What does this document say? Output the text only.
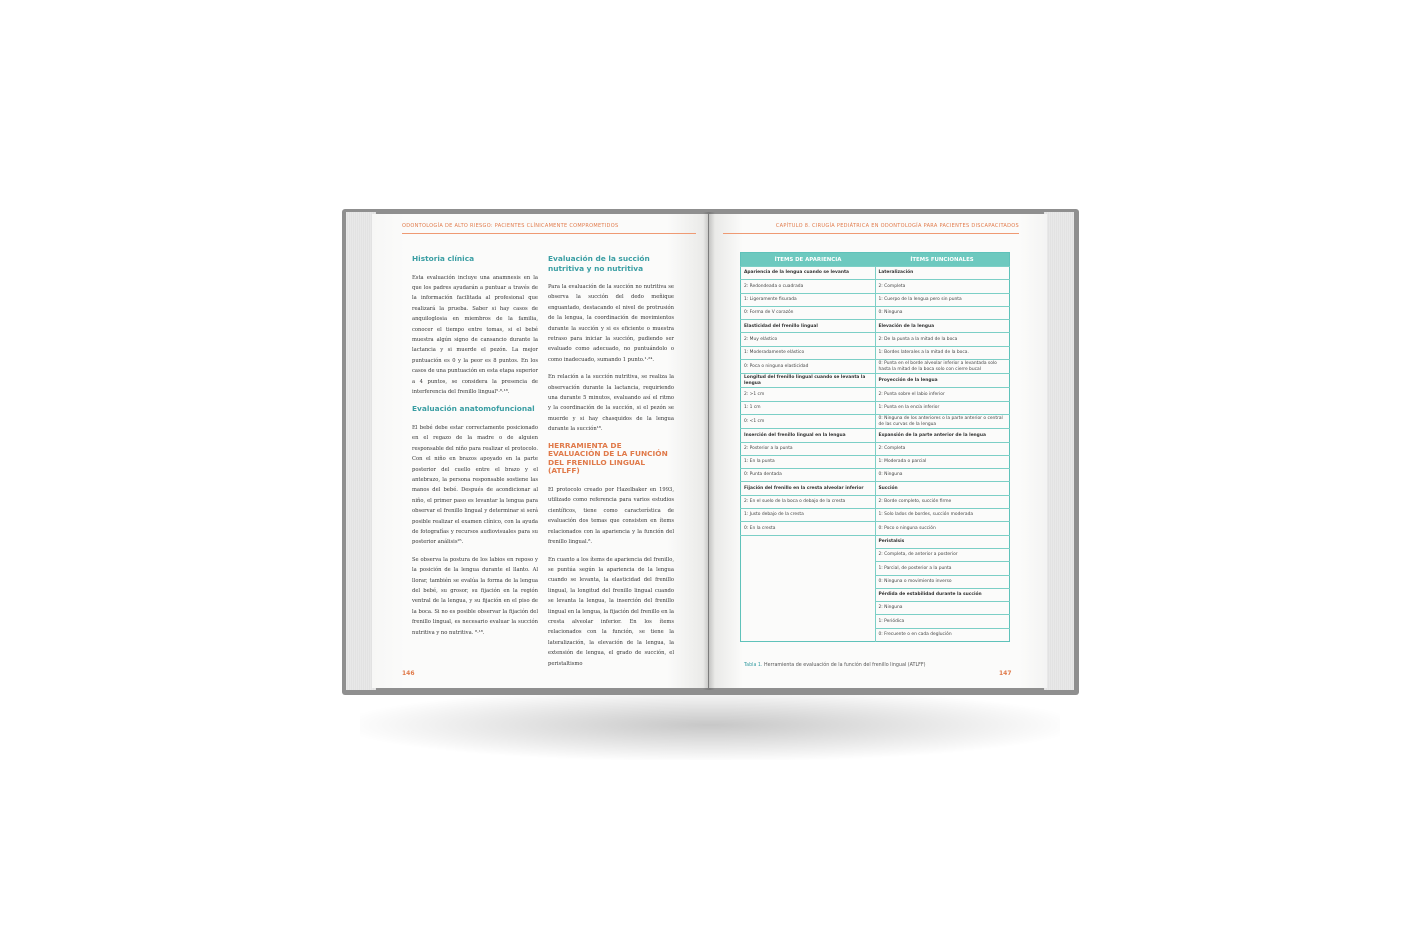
ODONTOLOGÍA DE ALTO RIESGO: PACIENTES CLÍNICAMENTE COMPROMETIDOS
Historia clínica

Esta evaluación incluye una anamnesis en la que los padres ayudarán a puntuar a través de la información facilitada al profesional que realizará la prueba. Saber si hay casos de anquiloglosia en miembros de la familia, conocer el tiempo entre tomas, si el bebé muestra algún signo de cansancio durante la lactancia y si muerde el pezón. La mejor puntuación es 0 y la peor es 8 puntos. En los casos de una puntuación en esta etapa superior a 4 puntos, se considera la presencia de interferencia del frenillo lingual⁵·⁸·¹⁸.

Evaluación anatomofuncional

El bebé debe estar correctamente posicionado en el regazo de la madre o de alguien responsable del niño para realizar el protocolo. Con el niño en brazos apoyado en la parte posterior del cuello entre el brazo y el antebrazo, la persona responsable sostiene las manos del bebé. Después de acondicionar al niño, el primer paso es levantar la lengua para observar el frenillo lingual y determinar si será posible realizar el examen clínico, con la ayuda de fotografías y recursos audiovisuales para su posterior análisis²⁵.

Se observa la postura de los labios en reposo y la posición de la lengua durante el llanto. Al llorar, también se evalúa la forma de la lengua del bebé, su grosor, su fijación en la región ventral de la lengua, y su fijación en el piso de la boca. Si no es posible observar la fijación del frenillo lingual, es necesario evaluar la succión nutritiva y no nutritiva. ⁸·¹⁸.

Evaluación de la succión nutritiva y no nutritiva

Para la evaluación de la succión no nutritiva se observa la succión del dedo meñique enguantado, destacando el nivel de protrusión de la lengua, la coordinación de movimientos durante la succión y si es eficiente o muestra retraso para iniciar la succión, pudiendo ser evaluado como adecuado, no puntuándolo o como inadecuado, sumando 1 punto.¹·²⁴.

En relación a la succión nutritiva, se realiza la observación durante la lactancia, requiriendo una durante 5 minutos, evaluando así el ritmo y la coordinación de la succión, si el pezón se muerde y si hay chasquidos de la lengua durante la succión¹⁸.

HERRAMIENTA DE EVALUACIÓN DE LA FUNCIÓN DEL FRENILLO LINGUAL (ATLFF)

El protocolo creado por Hazelbaker en 1993, utilizado como referencia para varios estudios científicos, tiene como característica de evaluación dos temas que consisten en ítems relacionados con la apariencia y la función del frenillo lingual.⁸.

En cuanto a los ítems de apariencia del frenillo, se puntúa según la apariencia de la lengua cuando se levanta, la elasticidad del frenillo lingual, la longitud del frenillo lingual cuando se levanta la lengua, la inserción del frenillo lingual en la lengua, la fijación del frenillo en la cresta alveolar inferior. En los ítems relacionados con la función, se tiene la lateralización, la elevación de la lengua, la extensión de lengua, el grado de succión, el peristaltismo

146
CAPÍTULO 8. CIRUGÍA PEDIÁTRICA EN ODONTOLOGÍA PARA PACIENTES DISCAPACITADOS
ÍTEMS DE APARIENCIA	ÍTEMS FUNCIONALES
Apariencia de la lengua cuando se levanta	Lateralización
2: Redondeada o cuadrada	2: Completa
1: Ligeramente fisurada	1: Cuerpo de la lengua pero sin punta
0: Forma de V corazón	0: Ninguna
Elasticidad del frenillo lingual	Elevación de la lengua
2: Muy elástico	2: De la punta a la mitad de la boca
1: Moderadamente elástico	1: Bordes laterales a la mitad de la boca.
0: Poca o ninguna elasticidad	0: Punta en el borde alveolar inferior a levantada solo hasta la mitad de la boca solo con cierre bucal
Longitud del frenillo lingual cuando se levanta la lengua	Proyección de la lengua
2: >1 cm	2: Punta sobre el labio inferior
1: 1 cm	1: Punta en la encía inferior
0: <1 cm	0: Ninguna de los anteriores o la parte anterior o central de las curvas de la lengua
Inserción del frenillo lingual en la lengua	Expansión de la parte anterior de la lengua
2: Posterior a la punta	2: Completa
1: En la punta	1: Moderada o parcial
0: Punta dentada	0: Ninguna
Fijación del frenillo en la cresta alveolar inferior	Succión
2: En el suelo de la boca o debajo de la cresta	2: Borde completo, succión firme
1: Justo debajo de la cresta	1: Solo lados de bordes, succión moderada
0: En la cresta	0: Poco o ninguna succión
	Peristalsis
	2: Completa, de anterior a posterior
	1: Parcial, de posterior a la punta
	0: Ninguna o movimiento inverso
	Pérdida de estabilidad durante la succión
	2: Ninguna
	1: Periódica
	0: Frecuente o en cada deglución
Tabla 1. Herramienta de evaluación de la función del frenillo lingual (ATLFF)
147
